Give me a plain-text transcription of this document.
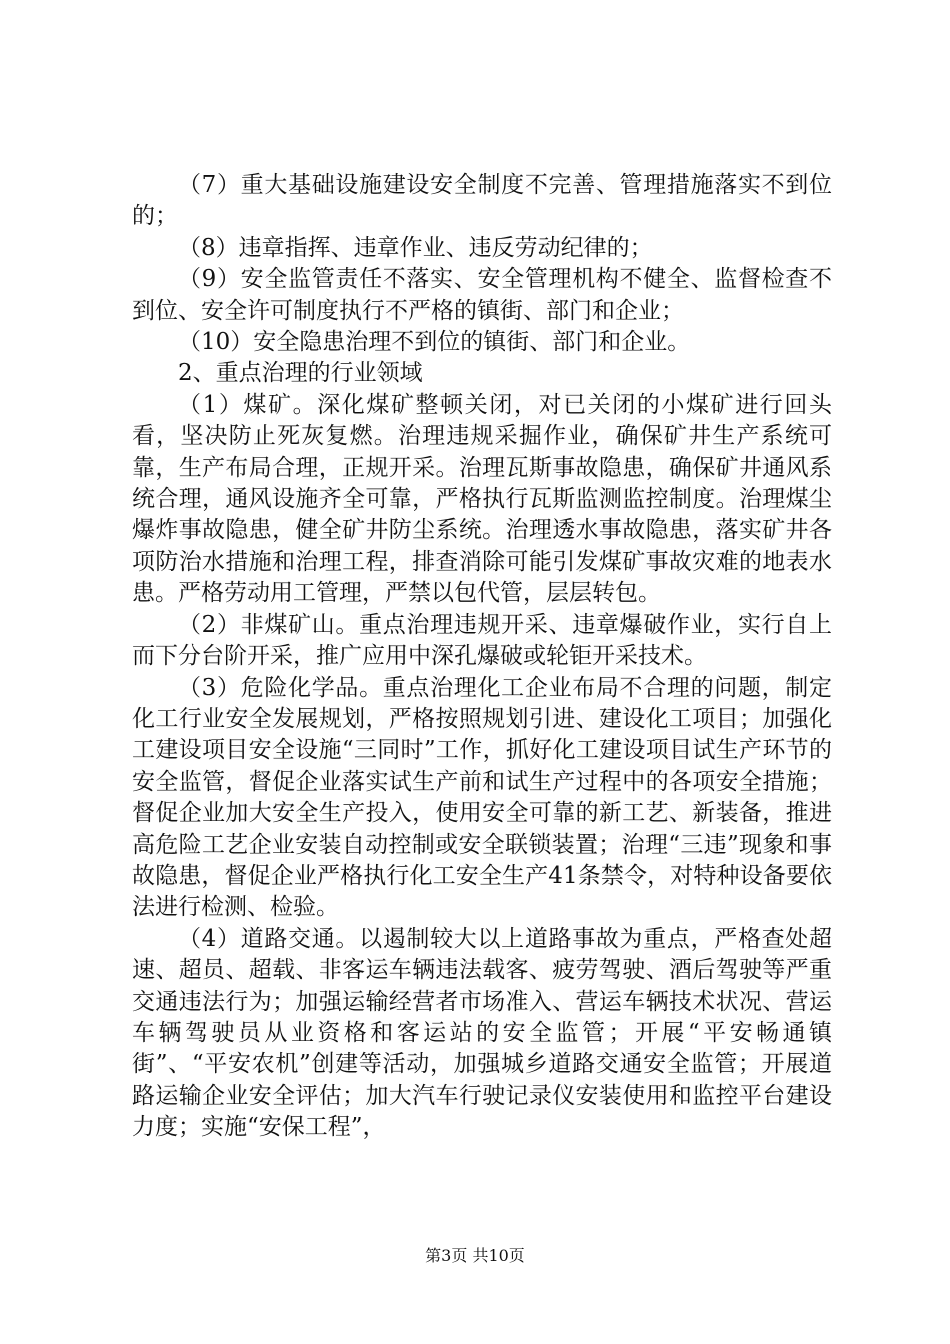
（7）重大基础设施建设安全制度不完善、管理措施落实不到位的；

（8）违章指挥、违章作业、违反劳动纪律的；

（9）安全监管责任不落实、安全管理机构不健全、监督检查不到位、安全许可制度执行不严格的镇街、部门和企业；

（10）安全隐患治理不到位的镇街、部门和企业。

2、重点治理的行业领域

（1）煤矿。深化煤矿整顿关闭，对已关闭的小煤矿进行回头看，坚决防止死灰复燃。治理违规采掘作业，确保矿井生产系统可靠，生产布局合理，正规开采。治理瓦斯事故隐患，确保矿井通风系统合理，通风设施齐全可靠，严格执行瓦斯监测监控制度。治理煤尘爆炸事故隐患，健全矿井防尘系统。治理透水事故隐患，落实矿井各项防治水措施和治理工程，排查消除可能引发煤矿事故灾难的地表水患。严格劳动用工管理，严禁以包代管，层层转包。

（2）非煤矿山。重点治理违规开采、违章爆破作业，实行自上而下分台阶开采，推广应用中深孔爆破或轮钜开采技术。

（3）危险化学品。重点治理化工企业布局不合理的问题，制定化工行业安全发展规划，严格按照规划引进、建设化工项目；加强化工建设项目安全设施“三同时”工作，抓好化工建设项目试生产环节的安全监管，督促企业落实试生产前和试生产过程中的各项安全措施；督促企业加大安全生产投入，使用安全可靠的新工艺、新装备，推进高危险工艺企业安装自动控制或安全联锁装置；治理“三违”现象和事故隐患，督促企业严格执行化工安全生产41条禁令，对特种设备要依法进行检测、检验。

（4）道路交通。以遏制较大以上道路事故为重点，严格查处超速、超员、超载、非客运车辆违法载客、疲劳驾驶、酒后驾驶等严重交通违法行为；加强运输经营者市场准入、营运车辆技术状况、营运车辆驾驶员从业资格和客运站的安全监管；开展“平安畅通镇街”、“平安农机”创建等活动，加强城乡道路交通安全监管；开展道路运输企业安全评估；加大汽车行驶记录仪安装使用和监控平台建设力度；实施“安保工程”，

第3页 共10页
